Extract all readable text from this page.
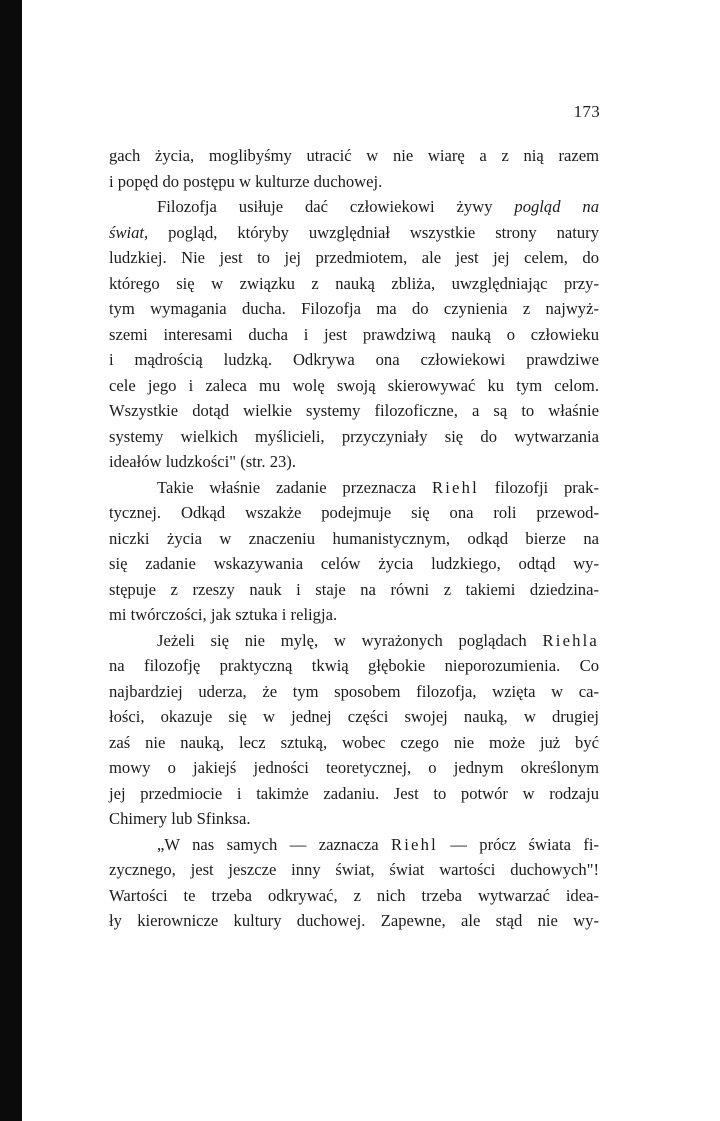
173
gach życia, moglibyśmy utracić w nie wiarę a z nią razem
i popęd do postępu w kulturze duchowej.
Filozofja usiłuje dać człowiekowi żywy pogląd na
świat, pogląd, któryby uwzględniał wszystkie strony natury
ludzkiej. Nie jest to jej przedmiotem, ale jest jej celem, do
którego się w związku z nauką zbliża, uwzględniając przy-
tym wymagania ducha. Filozofja ma do czynienia z najwyż-
szemi interesami ducha i jest prawdziwą nauką o człowieku
i mądrością ludzką. Odkrywa ona człowiekowi prawdziwe
cele jego i zaleca mu wolę swoją skierowywać ku tym celom.
Wszystkie dotąd wielkie systemy filozoficzne, a są to właśnie
systemy wielkich myślicieli, przyczyniały się do wytwarzania
ideałów ludzkości" (str. 23).
Takie właśnie zadanie przeznacza Riehl filozofji prak-
tycznej. Odkąd wszakże podejmuje się ona roli przewod-
niczki życia w znaczeniu humanistycznym, odkąd bierze na
się zadanie wskazywania celów życia ludzkiego, odtąd wy-
stępuje z rzeszy nauk i staje na równi z takiemi dziedzina-
mi twórczości, jak sztuka i religja.
Jeżeli się nie mylę, w wyrażonych poglądach Riehla
na filozofję praktyczną tkwią głębokie nieporozumienia. Co
najbardziej uderza, że tym sposobem filozofja, wzięta w ca-
łości, okazuje się w jednej części swojej nauką, w drugiej
zaś nie nauką, lecz sztuką, wobec czego nie może już być
mowy o jakiejś jedności teoretycznej, o jednym określonym
jej przedmiocie i takimże zadaniu. Jest to potwór w rodzaju
Chimery lub Sfinksa.
„W nas samych — zaznacza Riehl — prócz świata fi-
zycznego, jest jeszcze inny świat, świat wartości duchowych"!
Wartości te trzeba odkrywać, z nich trzeba wytwarzać idea-
ły kierownicze kultury duchowej. Zapewne, ale stąd nie wy-
